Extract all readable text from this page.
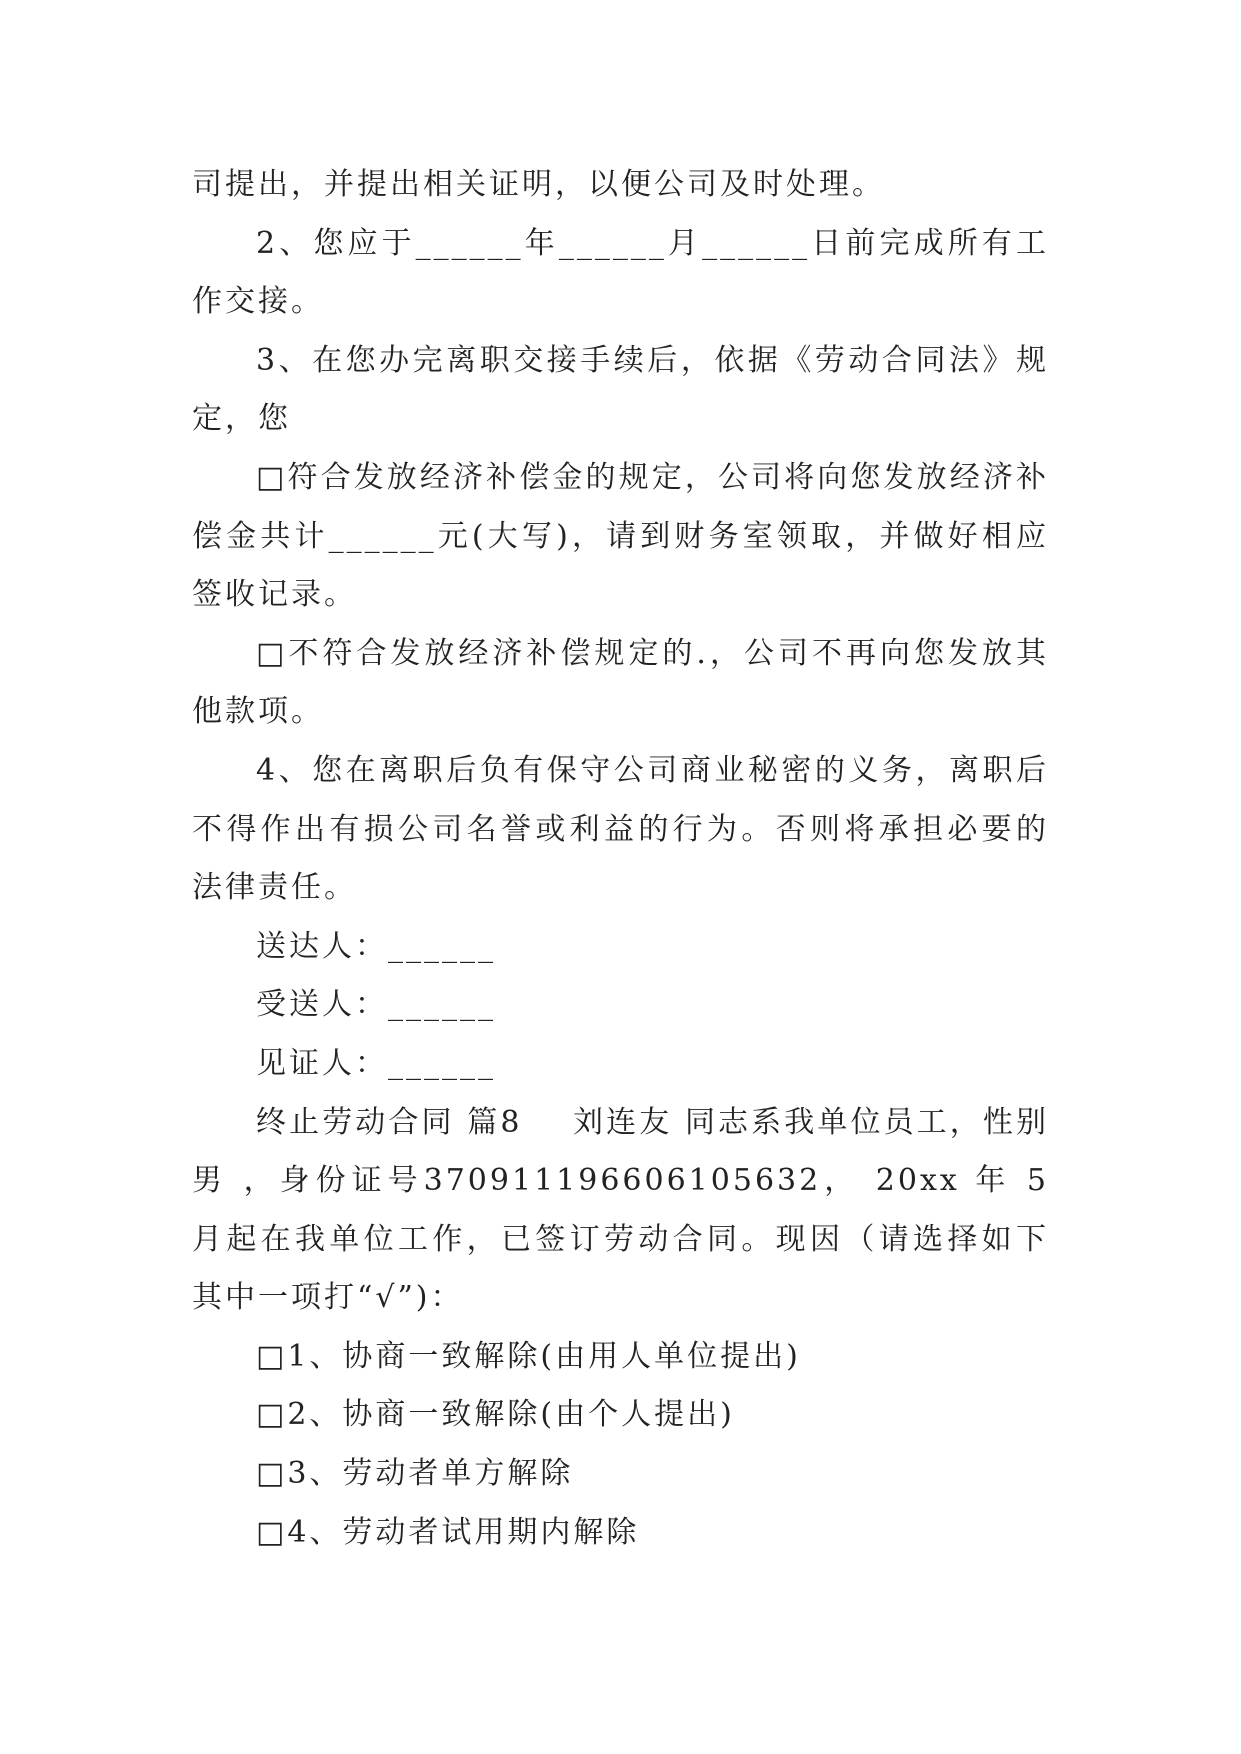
司提出，并提出相关证明，以便公司及时处理。

2、您应于______年______月______日前完成所有工作交接。

3、在您办完离职交接手续后，依据《劳动合同法》规定，您

□符合发放经济补偿金的规定，公司将向您发放经济补偿金共计______元(大写)，请到财务室领取，并做好相应签收记录。

□不符合发放经济补偿规定的.，公司不再向您发放其他款项。

4、您在离职后负有保守公司商业秘密的义务，离职后不得作出有损公司名誉或利益的行为。否则将承担必要的法律责任。

送达人：______

受送人：______

见证人：______

终止劳动合同 篇8    刘连友 同志系我单位员工，性别 男 ，身份证号370911196606105632， 20xx 年 5 月起在我单位工作，已签订劳动合同。现因（请选择如下其中一项打“√”)：

□1、协商一致解除(由用人单位提出)

□2、协商一致解除(由个人提出)

□3、劳动者单方解除

□4、劳动者试用期内解除
